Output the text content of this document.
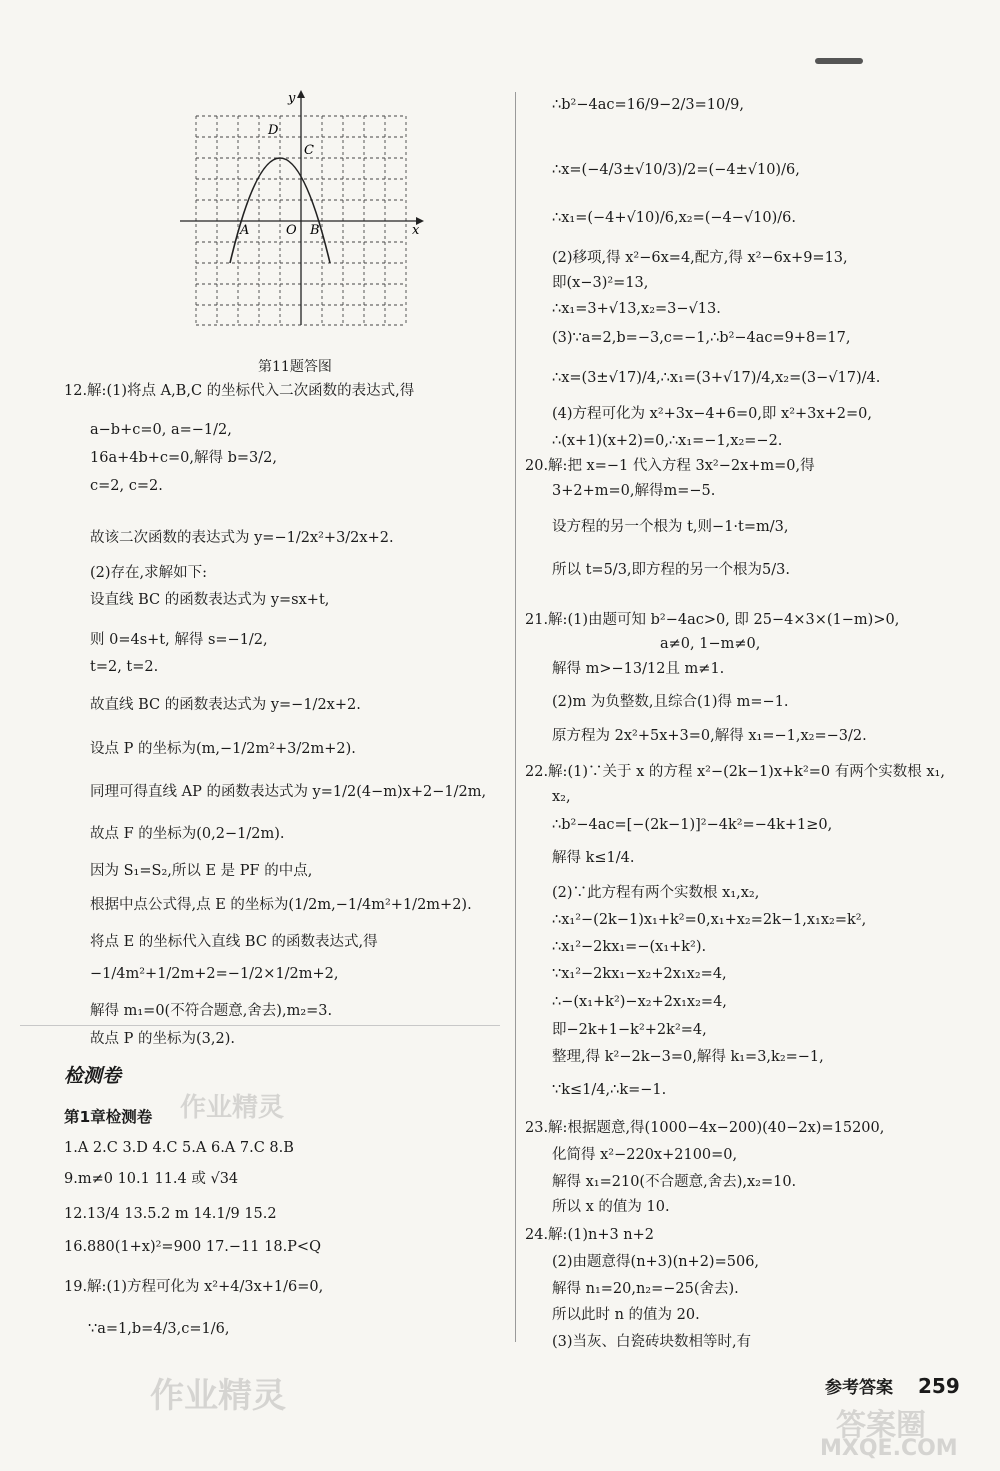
y
x
D
C
A	O B
第11题答图
12.解:(1)将点 A,B,C 的坐标代入二次函数的表达式,得
a−b+c=0, a=−1/2,
16a+4b+c=0,解得 b=3/2,
c=2, c=2.
故该二次函数的表达式为 y=−1/2x²+3/2x+2.
(2)存在,求解如下:
设直线 BC 的函数表达式为 y=sx+t,
则 0=4s+t, 解得 s=−1/2,
t=2, t=2.
故直线 BC 的函数表达式为 y=−1/2x+2.
设点 P 的坐标为(m,−1/2m²+3/2m+2).
同理可得直线 AP 的函数表达式为 y=1/2(4−m)x+2−1/2m,
故点 F 的坐标为(0,2−1/2m).
因为 S₁=S₂,所以 E 是 PF 的中点,
根据中点公式得,点 E 的坐标为(1/2m,−1/4m²+1/2m+2).
将点 E 的坐标代入直线 BC 的函数表达式,得
−1/4m²+1/2m+2=−1/2×1/2m+2,
解得 m₁=0(不符合题意,舍去),m₂=3.
故点 P 的坐标为(3,2).
检测卷
第1章检测卷
1.A 2.C 3.D 4.C 5.A 6.A 7.C 8.B
9.m≠0 10.1 11.4 或 √34
12.13/4 13.5.2 m 14.1/9 15.2
16.880(1+x)²=900 17.−11 18.P<Q
19.解:(1)方程可化为 x²+4/3x+1/6=0,
∵a=1,b=4/3,c=1/6,
∴b²−4ac=16/9−2/3=10/9,
∴x=(−4/3±√10/3)/2=(−4±√10)/6,
∴x₁=(−4+√10)/6,x₂=(−4−√10)/6.
(2)移项,得 x²−6x=4,配方,得 x²−6x+9=13,
即(x−3)²=13,
∴x₁=3+√13,x₂=3−√13.
(3)∵a=2,b=−3,c=−1,∴b²−4ac=9+8=17,
∴x=(3±√17)/4,∴x₁=(3+√17)/4,x₂=(3−√17)/4.
(4)方程可化为 x²+3x−4+6=0,即 x²+3x+2=0,
∴(x+1)(x+2)=0,∴x₁=−1,x₂=−2.
20.解:把 x=−1 代入方程 3x²−2x+m=0,得
3+2+m=0,解得m=−5.
设方程的另一个根为 t,则−1·t=m/3,
所以 t=5/3,即方程的另一个根为5/3.
21.解:(1)由题可知 b²−4ac>0, 即 25−4×3×(1−m)>0,
a≠0, 1−m≠0,
解得 m>−13/12且 m≠1.
(2)m 为负整数,且综合(1)得 m=−1.
原方程为 2x²+5x+3=0,解得 x₁=−1,x₂=−3/2.
22.解:(1)∵关于 x 的方程 x²−(2k−1)x+k²=0 有两个实数根 x₁,
x₂,
∴b²−4ac=[−(2k−1)]²−4k²=−4k+1≥0,
解得 k≤1/4.
(2)∵此方程有两个实数根 x₁,x₂,
∴x₁²−(2k−1)x₁+k²=0,x₁+x₂=2k−1,x₁x₂=k²,
∴x₁²−2kx₁=−(x₁+k²).
∵x₁²−2kx₁−x₂+2x₁x₂=4,
∴−(x₁+k²)−x₂+2x₁x₂=4,
即−2k+1−k²+2k²=4,
整理,得 k²−2k−3=0,解得 k₁=3,k₂=−1,
∵k≤1/4,∴k=−1.
23.解:根据题意,得(1000−4x−200)(40−2x)=15200,
化简得 x²−220x+2100=0,
解得 x₁=210(不合题意,舍去),x₂=10.
所以 x 的值为 10.
24.解:(1)n+3 n+2
(2)由题意得(n+3)(n+2)=506,
解得 n₁=20,n₂=−25(舍去).
所以此时 n 的值为 20.
(3)当灰、白瓷砖块数相等时,有
参考答案 259
作业精灵
作业精灵
答案圈
MXQE.COM
